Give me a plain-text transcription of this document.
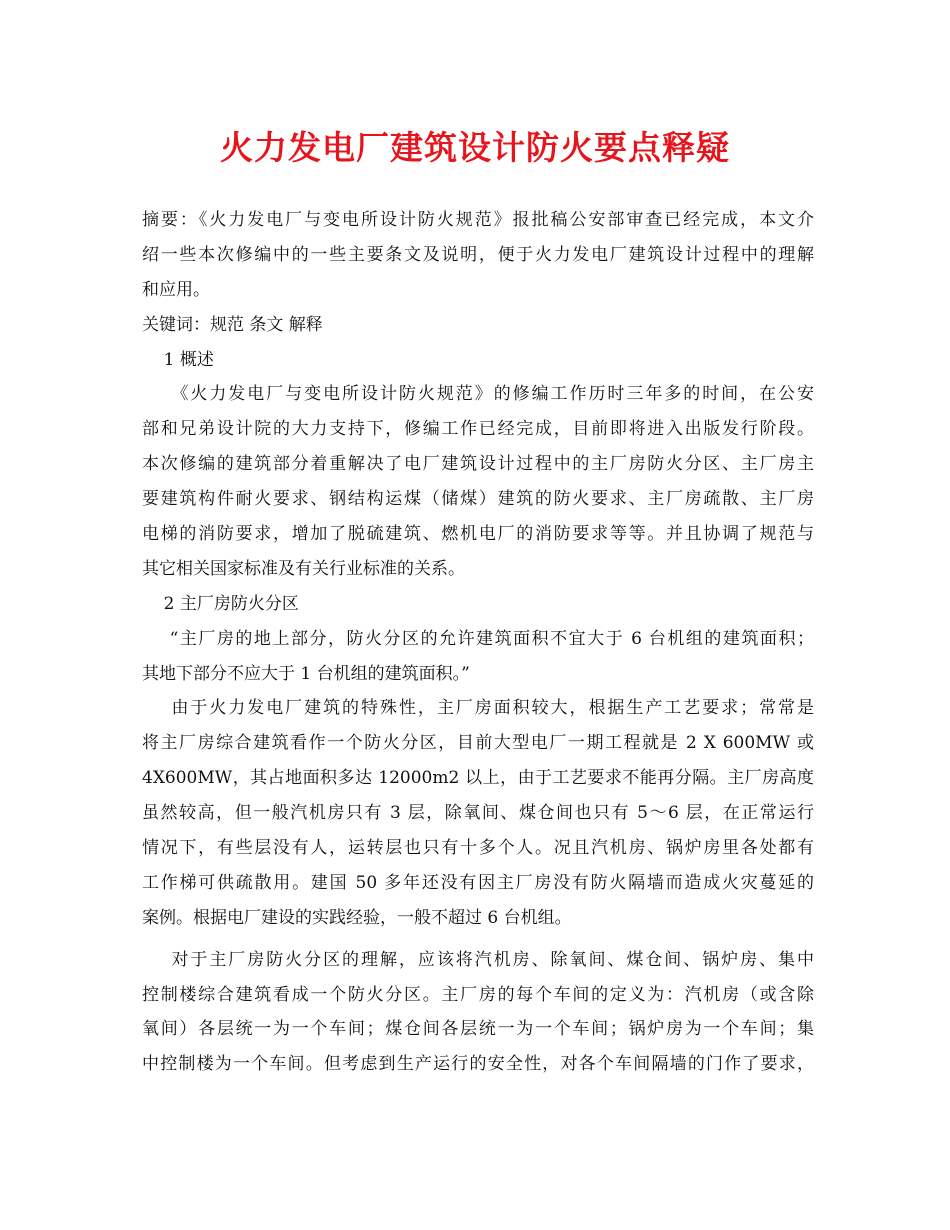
火力发电厂建筑设计防火要点释疑
摘要：《火力发电厂与变电所设计防火规范》报批稿公安部审查已经完成，本文介
绍一些本次修编中的一些主要条文及说明，便于火力发电厂建筑设计过程中的理解
和应用。
关键词：规范 条文 解释
1 概述
《火力发电厂与变电所设计防火规范》的修编工作历时三年多的时间，在公安
部和兄弟设计院的大力支持下，修编工作已经完成，目前即将进入出版发行阶段。
本次修编的建筑部分着重解决了电厂建筑设计过程中的主厂房防火分区、主厂房主
要建筑构件耐火要求、钢结构运煤（储煤）建筑的防火要求、主厂房疏散、主厂房
电梯的消防要求，增加了脱硫建筑、燃机电厂的消防要求等等。并且协调了规范与
其它相关国家标准及有关行业标准的关系。
2 主厂房防火分区
“主厂房的地上部分，防火分区的允许建筑面积不宜大于 6 台机组的建筑面积；
其地下部分不应大于 1 台机组的建筑面积。”
由于火力发电厂建筑的特殊性，主厂房面积较大，根据生产工艺要求；常常是
将主厂房综合建筑看作一个防火分区，目前大型电厂一期工程就是 2 X 600MW 或
4X600MW，其占地面积多达 12000m2 以上，由于工艺要求不能再分隔。主厂房高度
虽然较高，但一般汽机房只有 3 层，除氧间、煤仓间也只有 5～6 层，在正常运行
情况下，有些层没有人，运转层也只有十多个人。况且汽机房、锅炉房里各处都有
工作梯可供疏散用。建国 50 多年还没有因主厂房没有防火隔墙而造成火灾蔓延的
案例。根据电厂建设的实践经验，一般不超过 6 台机组。
对于主厂房防火分区的理解，应该将汽机房、除氧间、煤仓间、锅炉房、集中
控制楼综合建筑看成一个防火分区。主厂房的每个车间的定义为：汽机房（或含除
氧间）各层统一为一个车间；煤仓间各层统一为一个车间；锅炉房为一个车间；集
中控制楼为一个车间。但考虑到生产运行的安全性，对各个车间隔墙的门作了要求，
